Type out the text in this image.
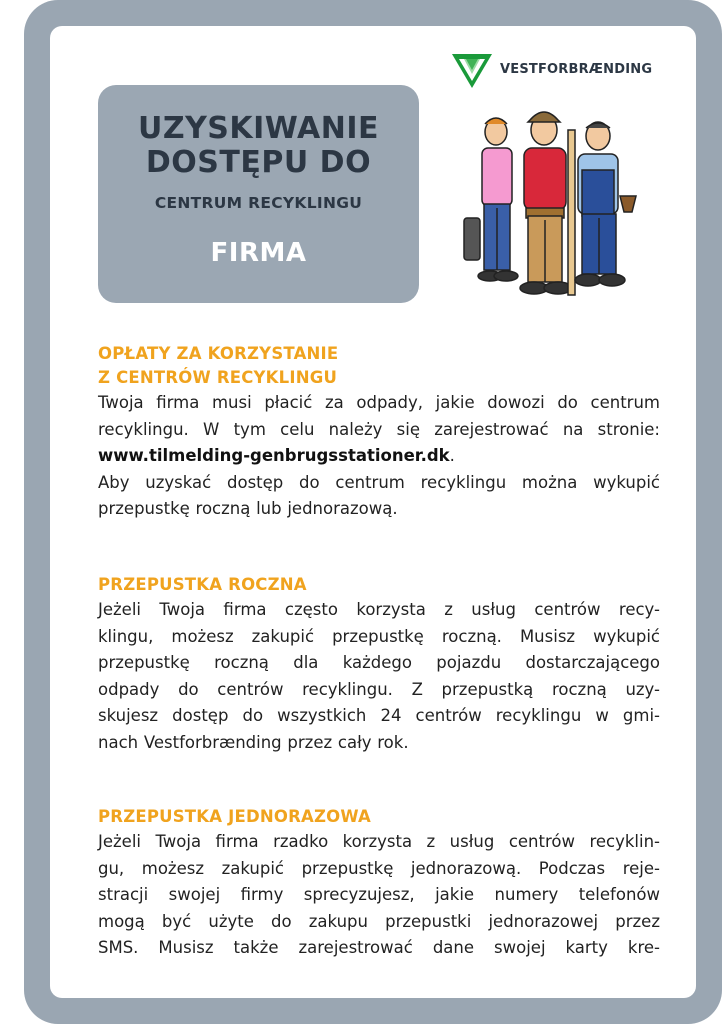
VESTFORBRÆNDING
UZYSKIWANIE
DOSTĘPU DO
CENTRUM RECYKLINGU
FIRMA
OPŁATY ZA KORZYSTANIE
Z CENTRÓW RECYKLINGU
Twoja firma musi płacić za odpady, jakie dowozi do centrum
recyklingu. W tym celu należy się zarejestrować na stronie:
www.tilmelding-genbrugsstationer.dk.
Aby uzyskać dostęp do centrum recyklingu można wykupić
przepustkę roczną lub jednorazową.
PRZEPUSTKA ROCZNA
Jeżeli Twoja firma często korzysta z usług centrów recy-
klingu, możesz zakupić przepustkę roczną. Musisz wykupić
przepustkę roczną dla każdego pojazdu dostarczającego
odpady do centrów recyklingu. Z przepustką roczną uzy-
skujesz dostęp do wszystkich 24 centrów recyklingu w gmi-
nach Vestforbrænding przez cały rok.
PRZEPUSTKA JEDNORAZOWA
Jeżeli Twoja firma rzadko korzysta z usług centrów recyklin-
gu, możesz zakupić przepustkę jednorazową. Podczas reje-
stracji swojej firmy sprecyzujesz, jakie numery telefonów
mogą być użyte do zakupu przepustki jednorazowej przez
SMS. Musisz także zarejestrować dane swojej karty kre-
